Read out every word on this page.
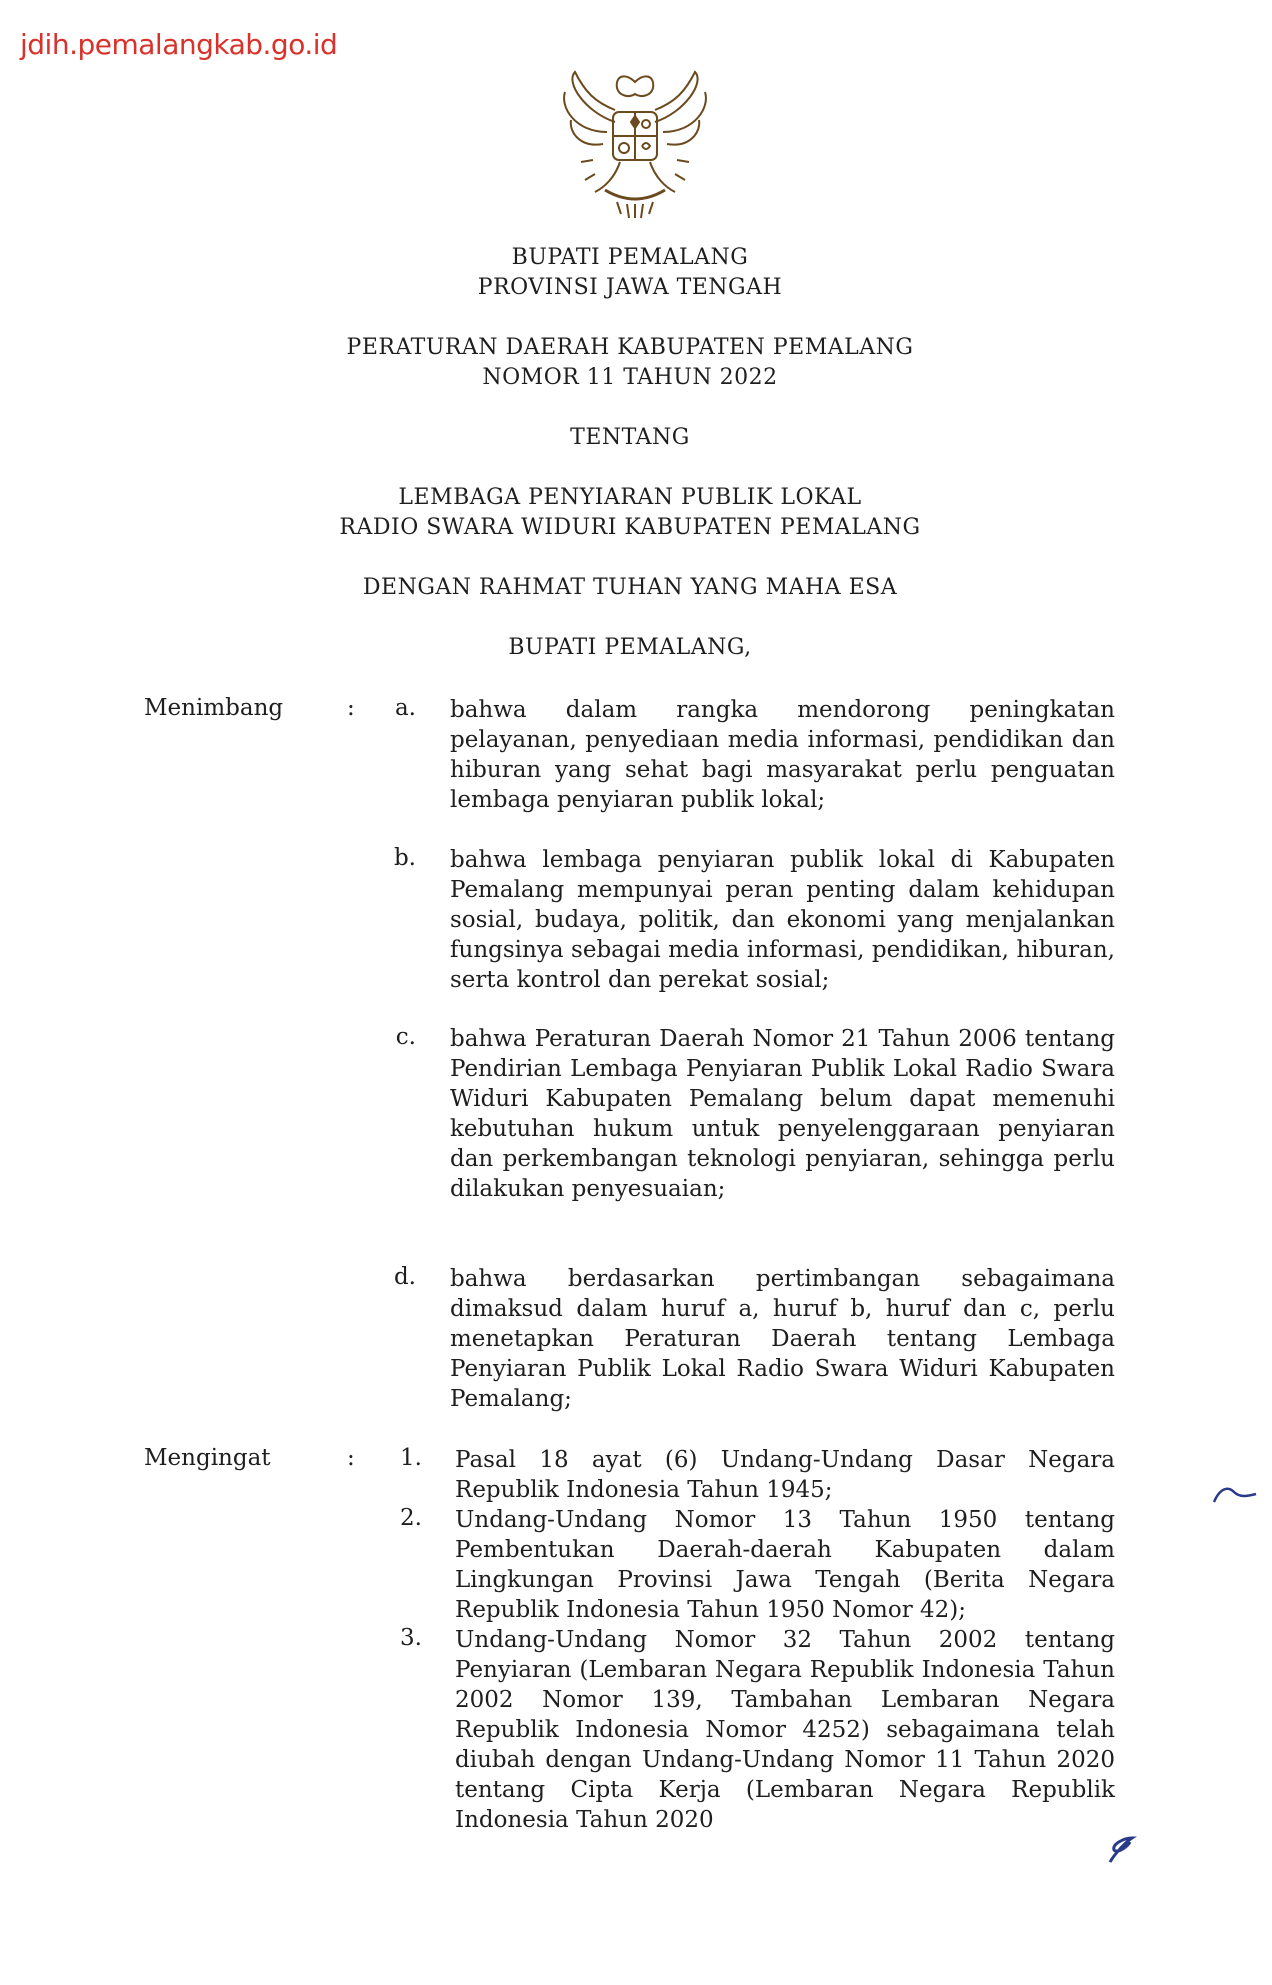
jdih.pemalangkab.go.id
BUPATI PEMALANG
PROVINSI JAWA TENGAH
PERATURAN DAERAH KABUPATEN PEMALANG
NOMOR 11 TAHUN 2022
TENTANG
LEMBAGA PENYIARAN PUBLIK LOKAL
RADIO SWARA WIDURI KABUPATEN PEMALANG
DENGAN RAHMAT TUHAN YANG MAHA ESA
BUPATI PEMALANG,
Menimbang	:	a. bahwa dalam rangka mendorong peningkatan pelayanan, penyediaan media informasi, pendidikan dan hiburan yang sehat bagi masyarakat perlu penguatan lembaga penyiaran publik lokal;
b. bahwa lembaga penyiaran publik lokal di Kabupaten Pemalang mempunyai peran penting dalam kehidupan sosial, budaya, politik, dan ekonomi yang menjalankan fungsinya sebagai media informasi, pendidikan, hiburan, serta kontrol dan perekat sosial;
c. bahwa Peraturan Daerah Nomor 21 Tahun 2006 tentang Pendirian Lembaga Penyiaran Publik Lokal Radio Swara Widuri Kabupaten Pemalang belum dapat memenuhi kebutuhan hukum untuk penyelenggaraan penyiaran dan perkembangan teknologi penyiaran, sehingga perlu dilakukan penyesuaian;
d. bahwa berdasarkan pertimbangan sebagaimana dimaksud dalam huruf a, huruf b, huruf dan c, perlu menetapkan Peraturan Daerah tentang Lembaga Penyiaran Publik Lokal Radio Swara Widuri Kabupaten Pemalang;
Mengingat	:	1. Pasal 18 ayat (6) Undang-Undang Dasar Negara Republik Indonesia Tahun 1945;
2. Undang-Undang Nomor 13 Tahun 1950 tentang Pembentukan Daerah-daerah Kabupaten dalam Lingkungan Provinsi Jawa Tengah (Berita Negara Republik Indonesia Tahun 1950 Nomor 42);
3. Undang-Undang Nomor 32 Tahun 2002 tentang Penyiaran (Lembaran Negara Republik Indonesia Tahun 2002 Nomor 139, Tambahan Lembaran Negara Republik Indonesia Nomor 4252) sebagaimana telah diubah dengan Undang-Undang Nomor 11 Tahun 2020 tentang Cipta Kerja (Lembaran Negara Republik Indonesia Tahun 2020
